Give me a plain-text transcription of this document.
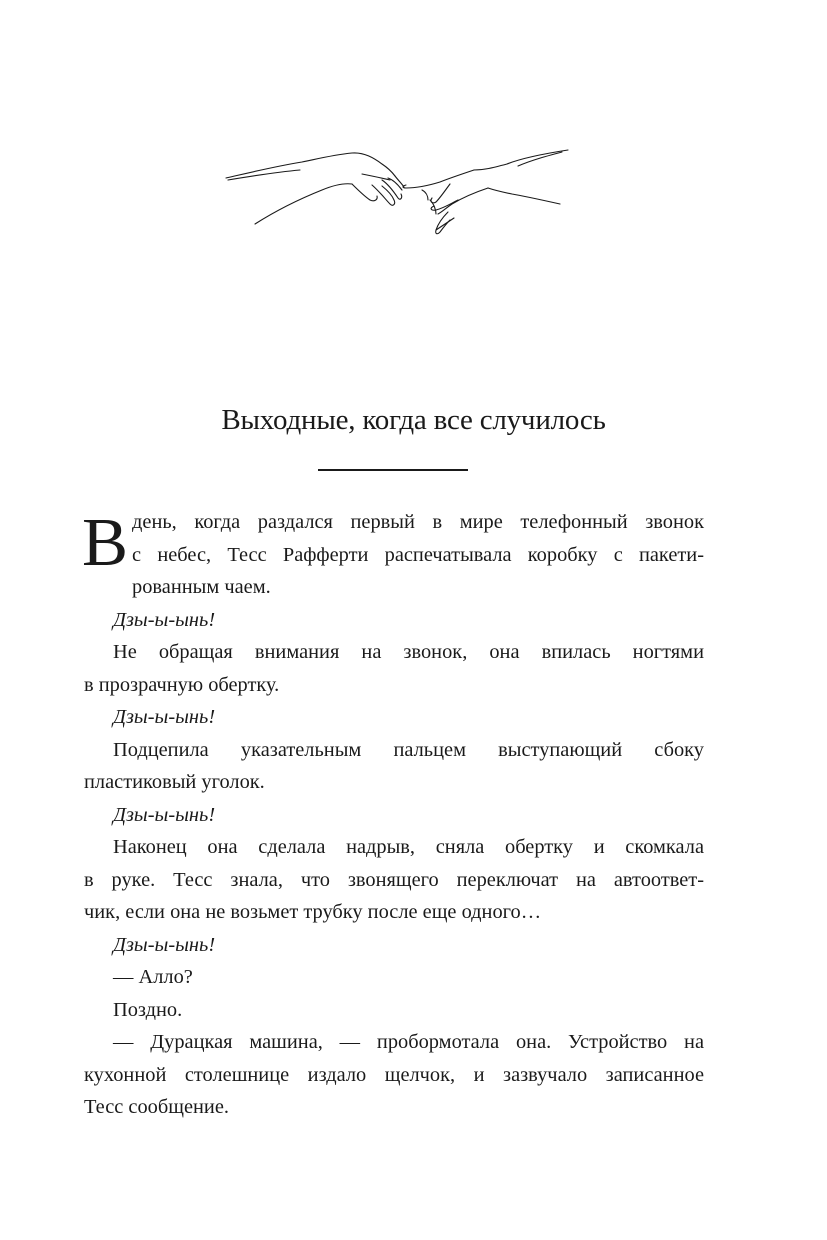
Выходные, когда все случилось

В день, когда раздался первый в мире телефонный звонок
с небес, Тесс Рафферти распечатывала коробку с пакети-
рованным чаем.

Дзы-ы-ынь!

Не обращая внимания на звонок, она впилась ногтями
в прозрачную обертку.

Дзы-ы-ынь!

Подцепила указательным пальцем выступающий сбоку
пластиковый уголок.

Дзы-ы-ынь!

Наконец она сделала надрыв, сняла обертку и скомкала
в руке. Тесс знала, что звонящего переключат на автоответ-
чик, если она не возьмет трубку после еще одного…

Дзы-ы-ынь!
— Алло?
Поздно.

— Дурацкая машина, — пробормотала она. Устройство на
кухонной столешнице издало щелчок, и зазвучало записанное
Тесс сообщение.
